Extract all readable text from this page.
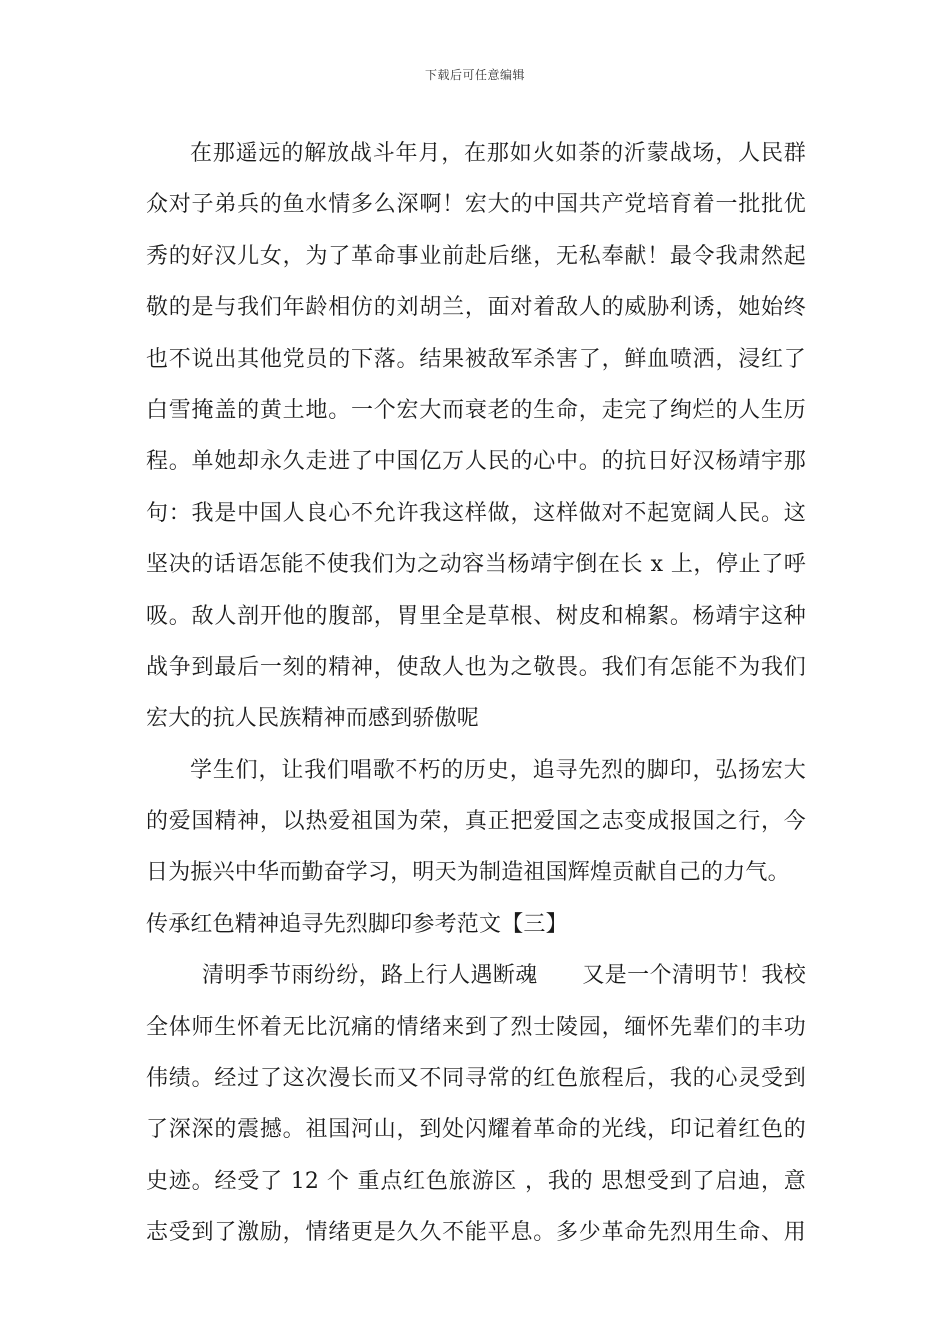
下载后可任意编辑
在那遥远的解放战斗年月，在那如火如荼的沂蒙战场，人民群
众对子弟兵的鱼水情多么深啊！宏大的中国共产党培育着一批批优
秀的好汉儿女，为了革命事业前赴后继，无私奉献！最令我肃然起
敬的是与我们年龄相仿的刘胡兰，面对着敌人的威胁利诱，她始终
也不说出其他党员的下落。结果被敌军杀害了，鲜血喷洒，浸红了
白雪掩盖的黄土地。一个宏大而衰老的生命，走完了绚烂的人生历
程。单她却永久走进了中国亿万人民的心中。的抗日好汉杨靖宇那
句：我是中国人良心不允许我这样做，这样做对不起宽阔人民。这
坚决的话语怎能不使我们为之动容当杨靖宇倒在长 x 上，停止了呼
吸。敌人剖开他的腹部，胃里全是草根、树皮和棉絮。杨靖宇这种
战争到最后一刻的精神，使敌人也为之敬畏。我们有怎能不为我们
宏大的抗人民族精神而感到骄傲呢
学生们，让我们唱歌不朽的历史，追寻先烈的脚印，弘扬宏大
的爱国精神，以热爱祖国为荣，真正把爱国之志变成报国之行，今
日为振兴中华而勤奋学习，明天为制造祖国辉煌贡献自己的力气。
传承红色精神追寻先烈脚印参考范文【三】
清明季节雨纷纷，路上行人遇断魂　　又是一个清明节！我校
全体师生怀着无比沉痛的情绪来到了烈士陵园，缅怀先辈们的丰功
伟绩。经过了这次漫长而又不同寻常的红色旅程后，我的心灵受到
了深深的震撼。祖国河山，到处闪耀着革命的光线，印记着红色的
史迹。经受了 12 个 重点红色旅游区 ，我的 思想受到了启迪，意
志受到了激励，情绪更是久久不能平息。多少革命先烈用生命、用
